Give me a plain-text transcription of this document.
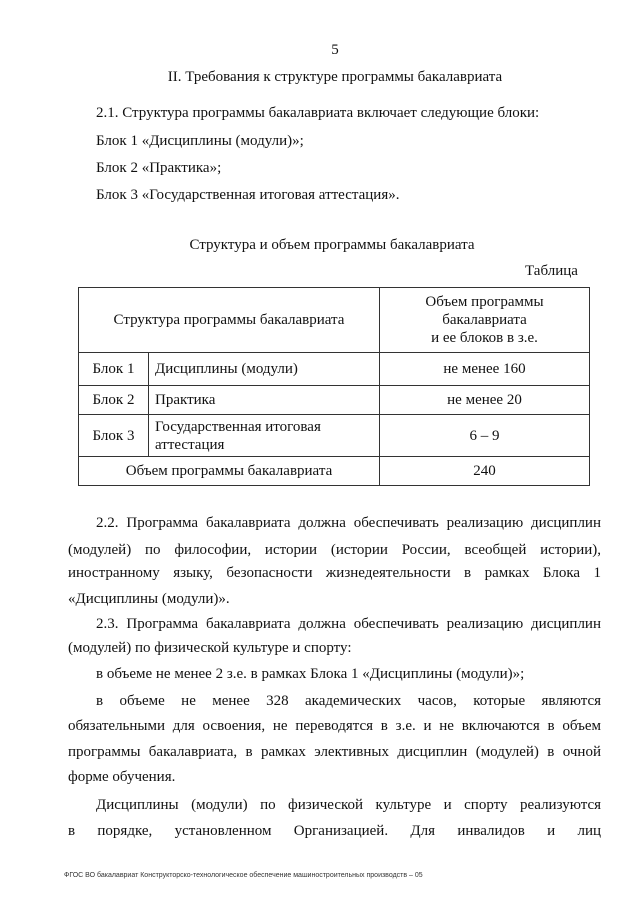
5
II. Требования к структуре программы бакалавриата
2.1. Структура программы бакалавриата включает следующие блоки:
Блок 1 «Дисциплины (модули)»;
Блок 2 «Практика»;
Блок 3 «Государственная итоговая аттестация».
Структура и объем программы бакалавриата
Таблица
Структура программы бакалавриата		Объем программы
бакалавриата
и ее блоков в з.е.

Блок 1	Дисциплины (модули)	не менее 160
Блок 2	Практика	не менее 20
Блок 3	Государственная итоговая
аттестация	6 – 9
Объем программы бакалавриата		240
2.2. Программа бакалавриата должна обеспечивать реализацию дисциплин
(модулей) по философии, истории (истории России, всеобщей истории),
иностранному языку, безопасности жизнедеятельности в рамках Блока 1
«Дисциплины (модули)».
2.3. Программа бакалавриата должна обеспечивать реализацию дисциплин
(модулей) по физической культуре и спорту:
в объеме не менее 2 з.е. в рамках Блока 1 «Дисциплины (модули)»;
в объеме не менее 328 академических часов, которые являются
обязательными для освоения, не переводятся в з.е. и не включаются в объем
программы бакалавриата, в рамках элективных дисциплин (модулей) в очной
форме обучения.
Дисциплины (модули) по физической культуре и спорту реализуются
в порядке, установленном Организацией. Для инвалидов и лиц
ФГОС ВО бакалавриат Конструкторско-технологическое обеспечение машиностроительных производств – 05
